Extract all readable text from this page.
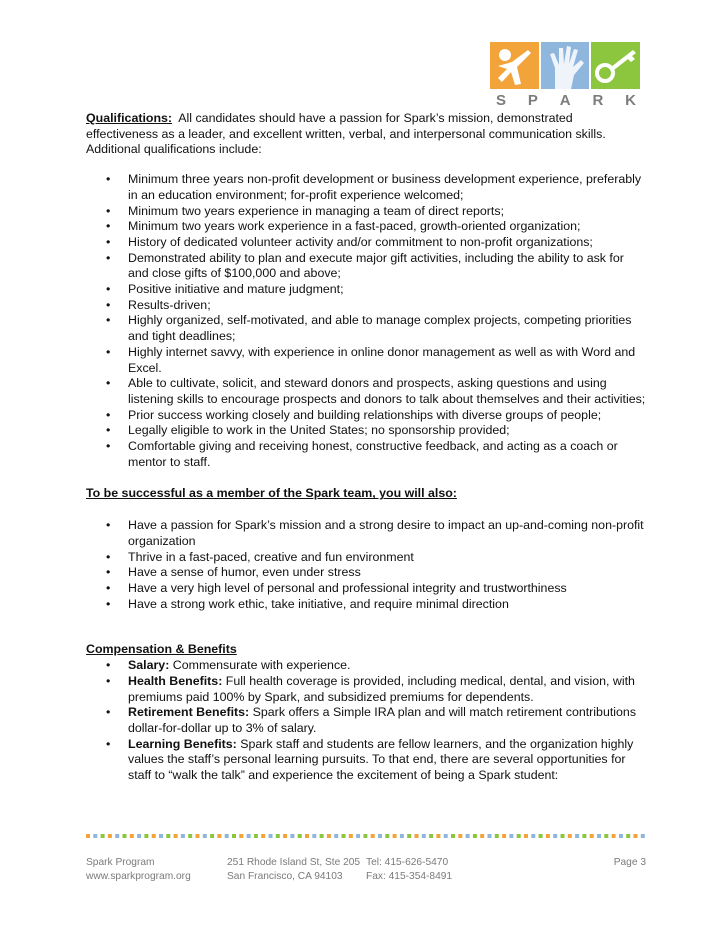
S P A R K

Qualifications: All candidates should have a passion for Spark’s mission, demonstrated effectiveness as a leader, and excellent written, verbal, and interpersonal communication skills. Additional qualifications include:

• Minimum three years non-profit development or business development experience, preferably in an education environment; for-profit experience welcomed;
• Minimum two years experience in managing a team of direct reports;
• Minimum two years work experience in a fast-paced, growth-oriented organization;
• History of dedicated volunteer activity and/or commitment to non-profit organizations;
• Demonstrated ability to plan and execute major gift activities, including the ability to ask for and close gifts of $100,000 and above;
• Positive initiative and mature judgment;
• Results-driven;
• Highly organized, self-motivated, and able to manage complex projects, competing priorities and tight deadlines;
• Highly internet savvy, with experience in online donor management as well as with Word and Excel.
• Able to cultivate, solicit, and steward donors and prospects, asking questions and using listening skills to encourage prospects and donors to talk about themselves and their activities;
• Prior success working closely and building relationships with diverse groups of people;
• Legally eligible to work in the United States; no sponsorship provided;
• Comfortable giving and receiving honest, constructive feedback, and acting as a coach or mentor to staff.

To be successful as a member of the Spark team, you will also:

• Have a passion for Spark’s mission and a strong desire to impact an up-and-coming non-profit organization
• Thrive in a fast-paced, creative and fun environment
• Have a sense of humor, even under stress
• Have a very high level of personal and professional integrity and trustworthiness
• Have a strong work ethic, take initiative, and require minimal direction

Compensation & Benefits

• Salary: Commensurate with experience.
• Health Benefits: Full health coverage is provided, including medical, dental, and vision, with premiums paid 100% by Spark, and subsidized premiums for dependents.
• Retirement Benefits: Spark offers a Simple IRA plan and will match retirement contributions dollar-for-dollar up to 3% of salary.
• Learning Benefits: Spark staff and students are fellow learners, and the organization highly values the staff’s personal learning pursuits. To that end, there are several opportunities for staff to “walk the talk” and experience the excitement of being a Spark student:
Spark Program
www.sparkprogram.org
251 Rhode Island St, Ste 205
San Francisco, CA 94103
Tel: 415-626-5470
Fax: 415-354-8491
Page 3
